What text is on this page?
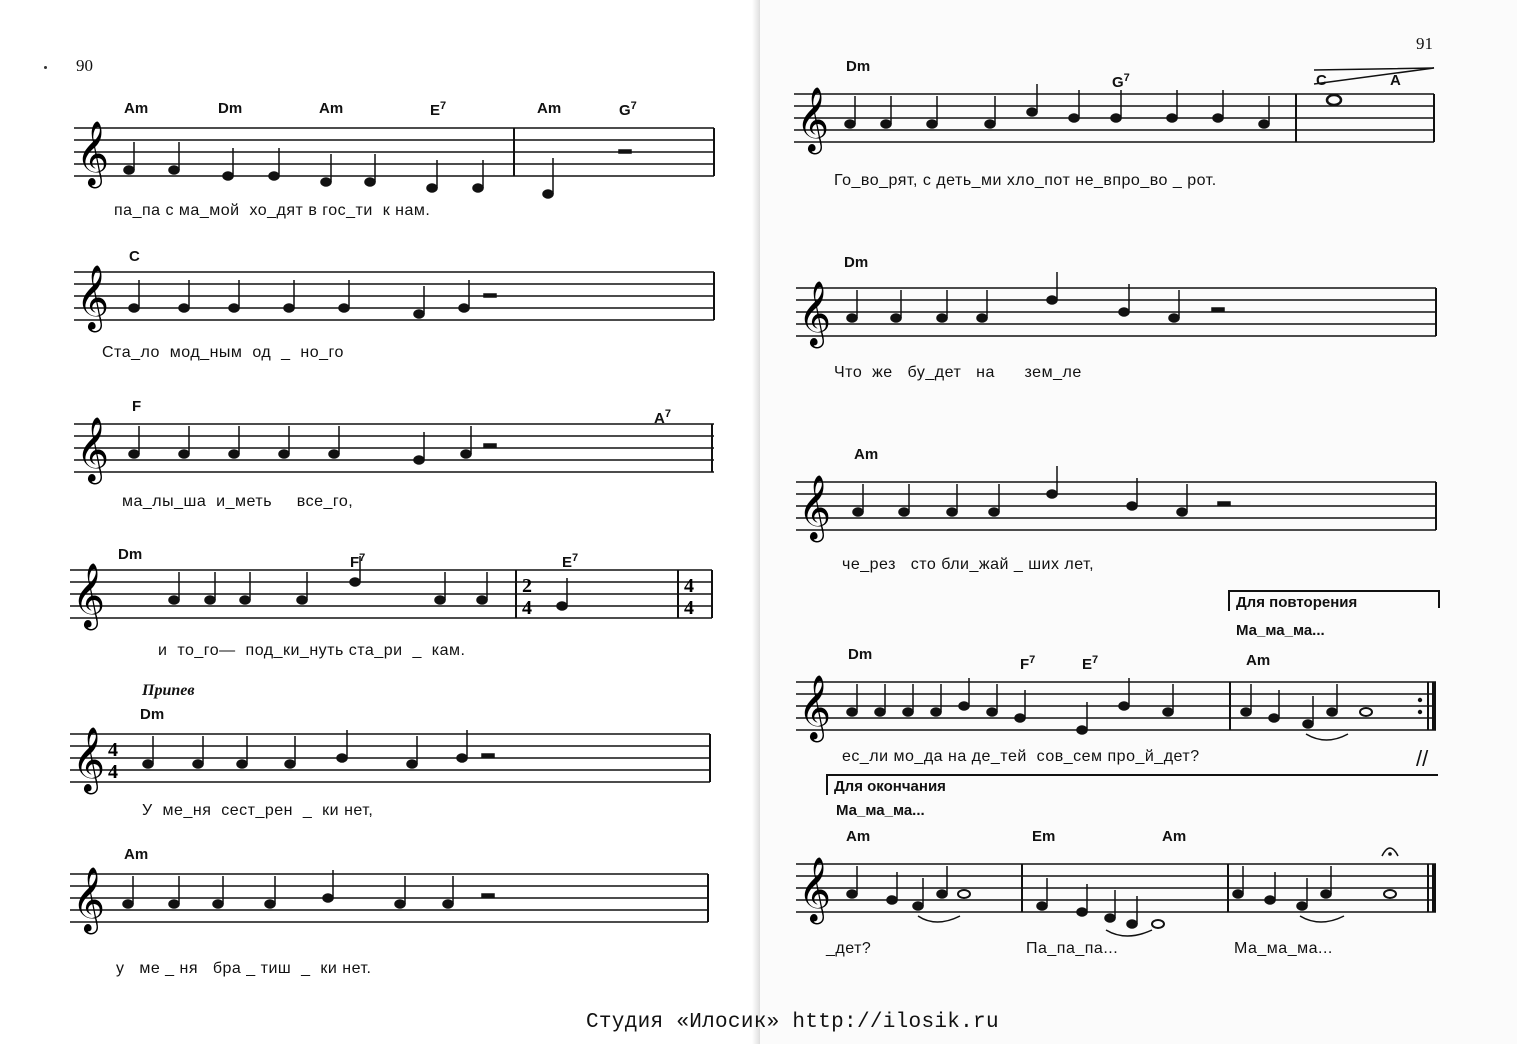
90
Am	Dm	Am	$E^7$	Am	$G^7$
𝄞
па_па с ма_мой  хо_дят в гос_ти  к нам.
C
𝄞
Ста_ло  мод_ным  од  _  но_го
F
$A^7$
𝄞
ма_лы_ша  и_меть     все_го,
Dm	$F^7$	$E^7$
𝄞	2
4
4
4
и  то_го—  под_ки_нуть ста_ри  _  кам.
Припев
Dm
𝄞 4
4
У  ме_ня  сест_рен  _  ки нет,
Am
𝄞
у   ме _ ня   бра _ тиш  _  ки нет.
91
Dm
$G^7$	C	A
𝄞
Го_во_рят, с деть_ми хло_пот не_впро_во _ рот.
Dm
𝄞
Что  же   бу_дет   на      зем_ле
Am
𝄞
че_рез   сто бли_жай _ ших лет,
Для повторения
Ма_ма_ма...
Dm
$F^7$	$E^7$	Am
𝄞
ес_ли мо_да на де_тей  сов_сем про_й_дет?	//
Для окончания
Ма_ма_ма...
Am	Em	Am
𝄞
_дет?	Па_па_па...	Ма_ма_ма...
Студия «Илосик» http://ilosik.ru
